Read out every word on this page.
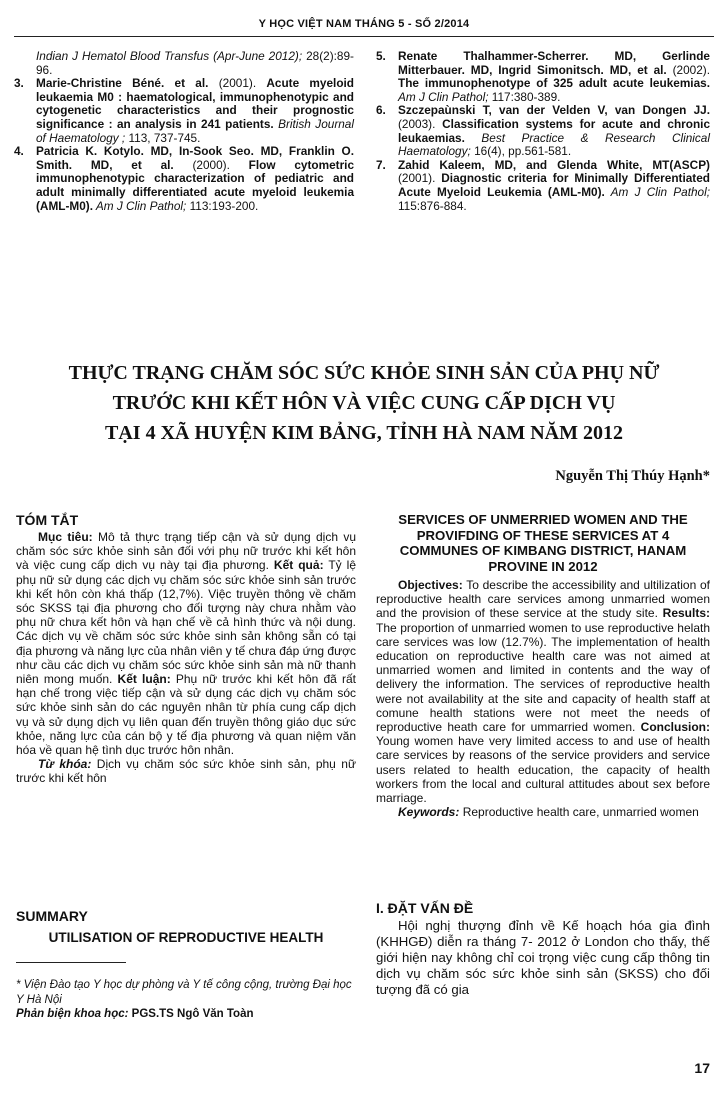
Y HỌC VIỆT NAM THÁNG 5 - SỐ 2/2014
Indian J Hematol Blood Transfus (Apr-June 2012); 28(2):89-96.
3. Marie-Christine Béné. et al. (2001). Acute myeloid leukaemia M0 : haematological, immunophenotypic and cytogenetic characteristics and their prognostic significance : an analysis in 241 patients. British Journal of Haematology ; 113, 737-745.
4. Patricia K. Kotylo. MD, In-Sook Seo. MD, Franklin O. Smith. MD, et al. (2000). Flow cytometric immunophenotypic characterization of pediatric and adult minimally differentiated acute myeloid leukemia (AML-M0). Am J Clin Pathol; 113:193-200.
5. Renate Thalhammer-Scherrer. MD, Gerlinde Mitterbauer. MD, Ingrid Simonitsch. MD, et al. (2002). The immunophenotype of 325 adult acute leukemias. Am J Clin Pathol; 117:380-389.
6. Szczepaùnski T, van der Velden V, van Dongen JJ. (2003). Classification systems for acute and chronic leukaemias. Best Practice & Research Clinical Haematology; 16(4), pp.561-581.
7. Zahid Kaleem, MD, and Glenda White, MT(ASCP) (2001). Diagnostic criteria for Minimally Differentiated Acute Myeloid Leukemia (AML-M0). Am J Clin Pathol; 115:876-884.
THỰC TRẠNG CHĂM SÓC SỨC KHỎE SINH SẢN CỦA PHỤ NỮ
TRƯỚC KHI KẾT HÔN VÀ VIỆC CUNG CẤP DỊCH VỤ
TẠI 4 XÃ HUYỆN KIM BẢNG, TỈNH HÀ NAM NĂM 2012
Nguyễn Thị Thúy Hạnh*
TÓM TẮT

Mục tiêu: Mô tả thực trạng tiếp cận và sử dụng dịch vụ chăm sóc sức khỏe sinh sản đối với phụ nữ trước khi kết hôn và việc cung cấp dịch vụ này tại địa phương. Kết quả: Tỷ lệ phụ nữ sử dụng các dịch vụ chăm sóc sức khỏe sinh sản trước khi kết hôn còn khá thấp (12,7%). Việc truyền thông về chăm sóc SKSS tại địa phương cho đối tượng này chưa nhằm vào phụ nữ chưa kết hôn và hạn chế về cả hình thức và nội dung. Các dịch vụ về chăm sóc sức khỏe sinh sản không sẵn có tại địa phương và năng lực của nhân viên y tế chưa đáp ứng được như cầu các dịch vụ chăm sóc sức khỏe sinh sản mà nữ thanh niên mong muốn. Kết luận: Phụ nữ trước khi kết hôn đã rất hạn chế trong việc tiếp cận và sử dụng các dịch vụ chăm sóc sức khỏe sinh sản do các nguyên nhân từ phía cung cấp dịch vụ và sử dụng dịch vụ liên quan đến truyền thông giáo dục sức khỏe, năng lực của cán bộ y tế địa phương và quan niệm văn hóa về quan hệ tình dục trước hôn nhân.

Từ khóa: Dịch vụ chăm sóc sức khỏe sinh sản, phụ nữ trước khi kết hôn

SUMMARY
UTILISATION OF REPRODUCTIVE HEALTH
SERVICES OF UNMERRIED WOMEN AND THE PROVIFDING OF THESE SERVICES AT 4 COMMUNES OF KIMBANG DISTRICT, HANAM PROVINE IN 2012

Objectives: To describe the accessibility and ultilization of reproductive health care services among unmarried women and the provision of these service at the study site. Results: The proportion of unmarried women to use reproductive helath care services was low (12.7%). The implementation of health education on reproductive health care was not aimed at unmarried women and limited in contents and the way of delivery the information. The services of reproductive health were not availability at the site and capacity of health staff at comune health stations were not meet the needs of reproductive heath care for ummarried women. Conclusion: Young women have very limited access to and use of health care services by reasons of the service providers and service users related to health education, the capacity of health workers from the local and cultural attitudes about sex before marriage.

Keywords: Reproductive health care, unmarried women

I. ĐẶT VẤN ĐỀ

Hội nghị thượng đỉnh về Kế hoạch hóa gia đình (KHHGĐ) diễn ra tháng 7- 2012 ở London cho thấy, thế giới hiện nay không chỉ coi trọng việc cung cấp thông tin dịch vụ chăm sóc sức khỏe sinh sản (SKSS) cho đối tượng đã có gia

* Viện Đào tạo Y học dự phòng và Y tế công cộng, trường Đại học Y Hà Nội
Phản biện khoa học: PGS.TS Ngô Văn Toàn
17
